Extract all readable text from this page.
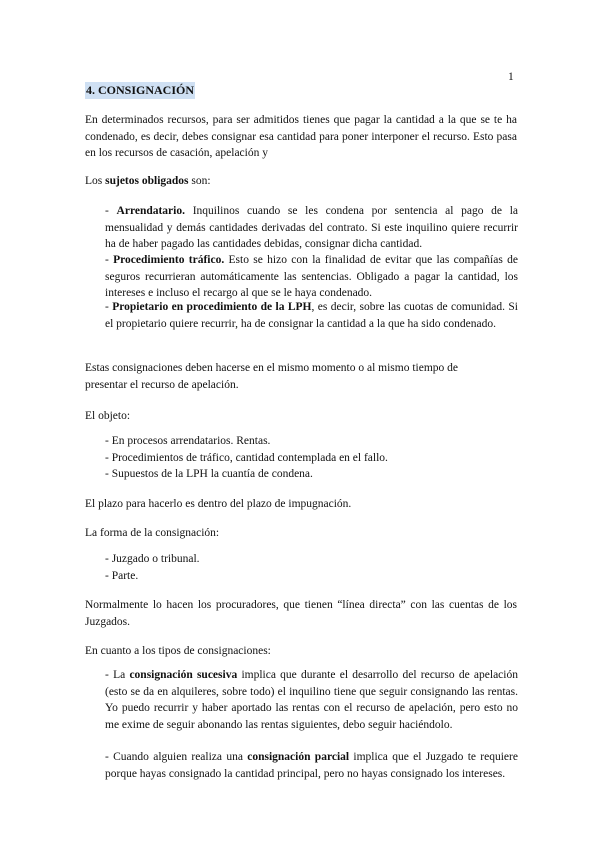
1
4. CONSIGNACIÓN
En determinados recursos, para ser admitidos tienes que pagar la cantidad a la que se te ha condenado, es decir, debes consignar esa cantidad para poner interponer el recurso. Esto pasa en los recursos de casación, apelación y
Los sujetos obligados son:
- Arrendatario. Inquilinos cuando se les condena por sentencia al pago de la mensualidad y demás cantidades derivadas del contrato. Si este inquilino quiere recurrir ha de haber pagado las cantidades debidas, consignar dicha cantidad.
- Procedimiento tráfico. Esto se hizo con la finalidad de evitar que las compañías de seguros recurrieran automáticamente las sentencias. Obligado a pagar la cantidad, los intereses e incluso el recargo al que se le haya condenado.
- Propietario en procedimiento de la LPH, es decir, sobre las cuotas de comunidad. Si el propietario quiere recurrir, ha de consignar la cantidad a la que ha sido condenado.
Estas consignaciones deben hacerse en el mismo momento o al mismo tiempo de presentar el recurso de apelación.
El objeto:
- En procesos arrendatarios. Rentas.
- Procedimientos de tráfico, cantidad contemplada en el fallo.
- Supuestos de la LPH la cuantía de condena.
El plazo para hacerlo es dentro del plazo de impugnación.
La forma de la consignación:
- Juzgado o tribunal.
- Parte.
Normalmente lo hacen los procuradores, que tienen “línea directa” con las cuentas de los Juzgados.
En cuanto a los tipos de consignaciones:
- La consignación sucesiva implica que durante el desarrollo del recurso de apelación (esto se da en alquileres, sobre todo) el inquilino tiene que seguir consignando las rentas. Yo puedo recurrir y haber aportado las rentas con el recurso de apelación, pero esto no me exime de seguir abonando las rentas siguientes, debo seguir haciéndolo.
- Cuando alguien realiza una consignación parcial implica que el Juzgado te requiere porque hayas consignado la cantidad principal, pero no hayas consignado los intereses.
